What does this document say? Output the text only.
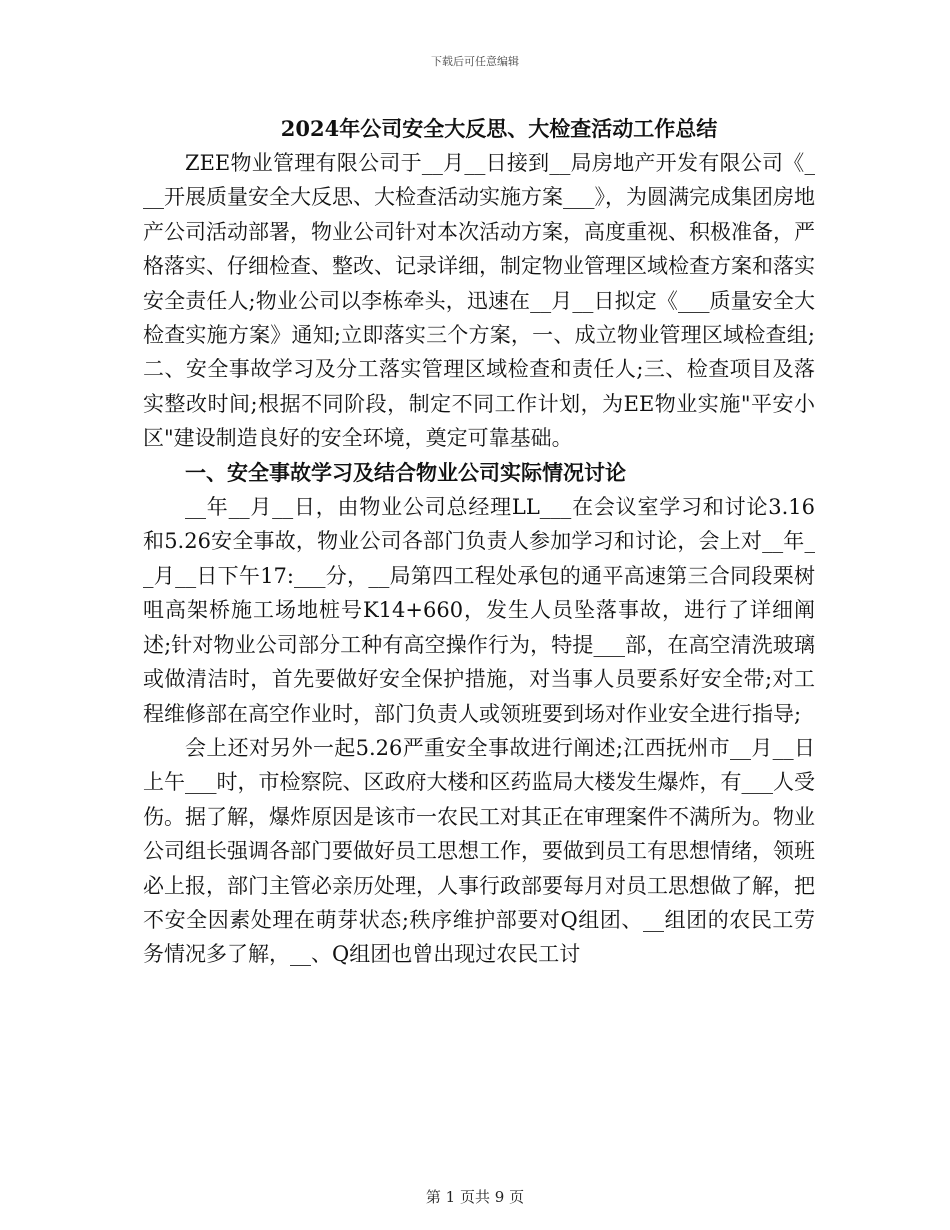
下载后可任意编辑
2024年公司安全大反思、大检查活动工作总结

ZEE物业管理有限公司于__月__日接到__局房地产开发有限公司《___开展质量安全大反思、大检查活动实施方案___》，为圆满完成集团房地产公司活动部署，物业公司针对本次活动方案，高度重视、积极准备，严格落实、仔细检查、整改、记录详细，制定物业管理区域检查方案和落实安全责任人;物业公司以李栋牵头，迅速在__月__日拟定《___质量安全大检查实施方案》通知;立即落实三个方案，一、成立物业管理区域检查组;二、安全事故学习及分工落实管理区域检查和责任人;三、检查项目及落实整改时间;根据不同阶段，制定不同工作计划，为EE物业实施"平安小区"建设制造良好的安全环境，奠定可靠基础。

一、安全事故学习及结合物业公司实际情况讨论

__年__月__日，由物业公司总经理LL___在会议室学习和讨论3.16和5.26安全事故，物业公司各部门负责人参加学习和讨论，会上对__年__月__日下午17:___分，__局第四工程处承包的通平高速第三合同段栗树咀高架桥施工场地桩号K14+660，发生人员坠落事故，进行了详细阐述;针对物业公司部分工种有高空操作行为，特提___部，在高空清洗玻璃或做清洁时，首先要做好安全保护措施，对当事人员要系好安全带;对工程维修部在高空作业时，部门负责人或领班要到场对作业安全进行指导;

会上还对另外一起5.26严重安全事故进行阐述;江西抚州市__月__日上午___时，市检察院、区政府大楼和区药监局大楼发生爆炸，有___人受伤。据了解，爆炸原因是该市一农民工对其正在审理案件不满所为。物业公司组长强调各部门要做好员工思想工作，要做到员工有思想情绪，领班必上报，部门主管必亲历处理，人事行政部要每月对员工思想做了解，把不安全因素处理在萌芽状态;秩序维护部要对Q组团、__组团的农民工劳务情况多了解，__、Q组团也曾出现过农民工讨

第 1 页共 9 页
